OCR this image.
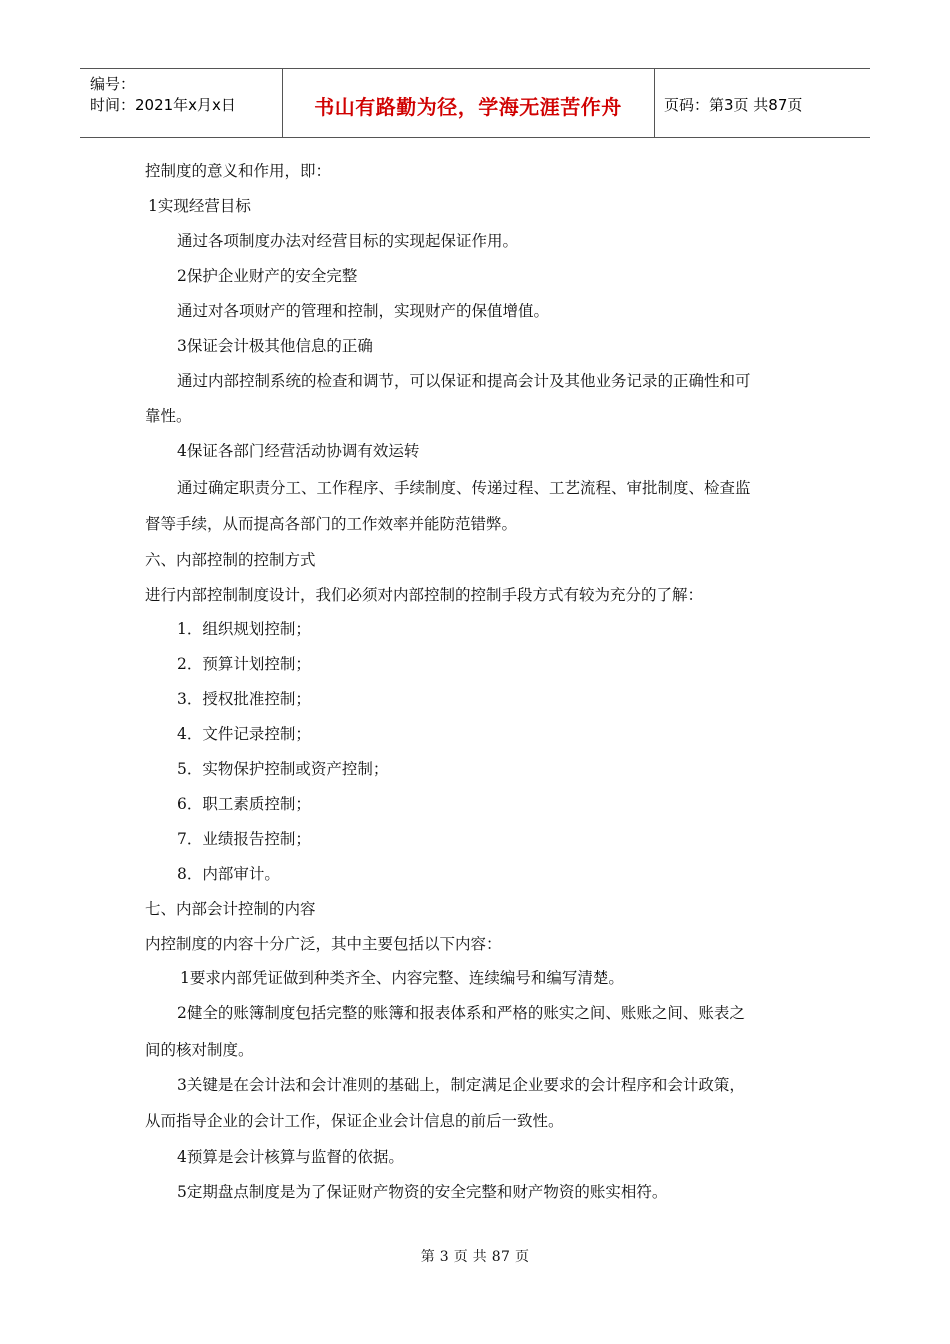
编号：
时间：2021年x月x日	书山有路勤为径，学海无涯苦作舟	页码：第3页 共87页
控制度的意义和作用，即：
1实现经营目标
通过各项制度办法对经营目标的实现起保证作用。
2保护企业财产的安全完整
通过对各项财产的管理和控制，实现财产的保值增值。
3保证会计极其他信息的正确
通过内部控制系统的检查和调节，可以保证和提高会计及其他业务记录的正确性和可
靠性。
4保证各部门经营活动协调有效运转
通过确定职责分工、工作程序、手续制度、传递过程、工艺流程、审批制度、检查监
督等手续，从而提高各部门的工作效率并能防范错弊。
六、内部控制的控制方式
进行内部控制制度设计，我们必须对内部控制的控制手段方式有较为充分的了解：
1．组织规划控制；
2．预算计划控制；
3．授权批准控制；
4．文件记录控制；
5．实物保护控制或资产控制；
6．职工素质控制；
7．业绩报告控制；
8．内部审计。
七、内部会计控制的内容
内控制度的内容十分广泛，其中主要包括以下内容：
1要求内部凭证做到种类齐全、内容完整、连续编号和编写清楚。
2健全的账簿制度包括完整的账簿和报表体系和严格的账实之间、账账之间、账表之
间的核对制度。
3关键是在会计法和会计准则的基础上，制定满足企业要求的会计程序和会计政策，
从而指导企业的会计工作，保证企业会计信息的前后一致性。
4预算是会计核算与监督的依据。
5定期盘点制度是为了保证财产物资的安全完整和财产物资的账实相符。
第 3 页 共 87 页
